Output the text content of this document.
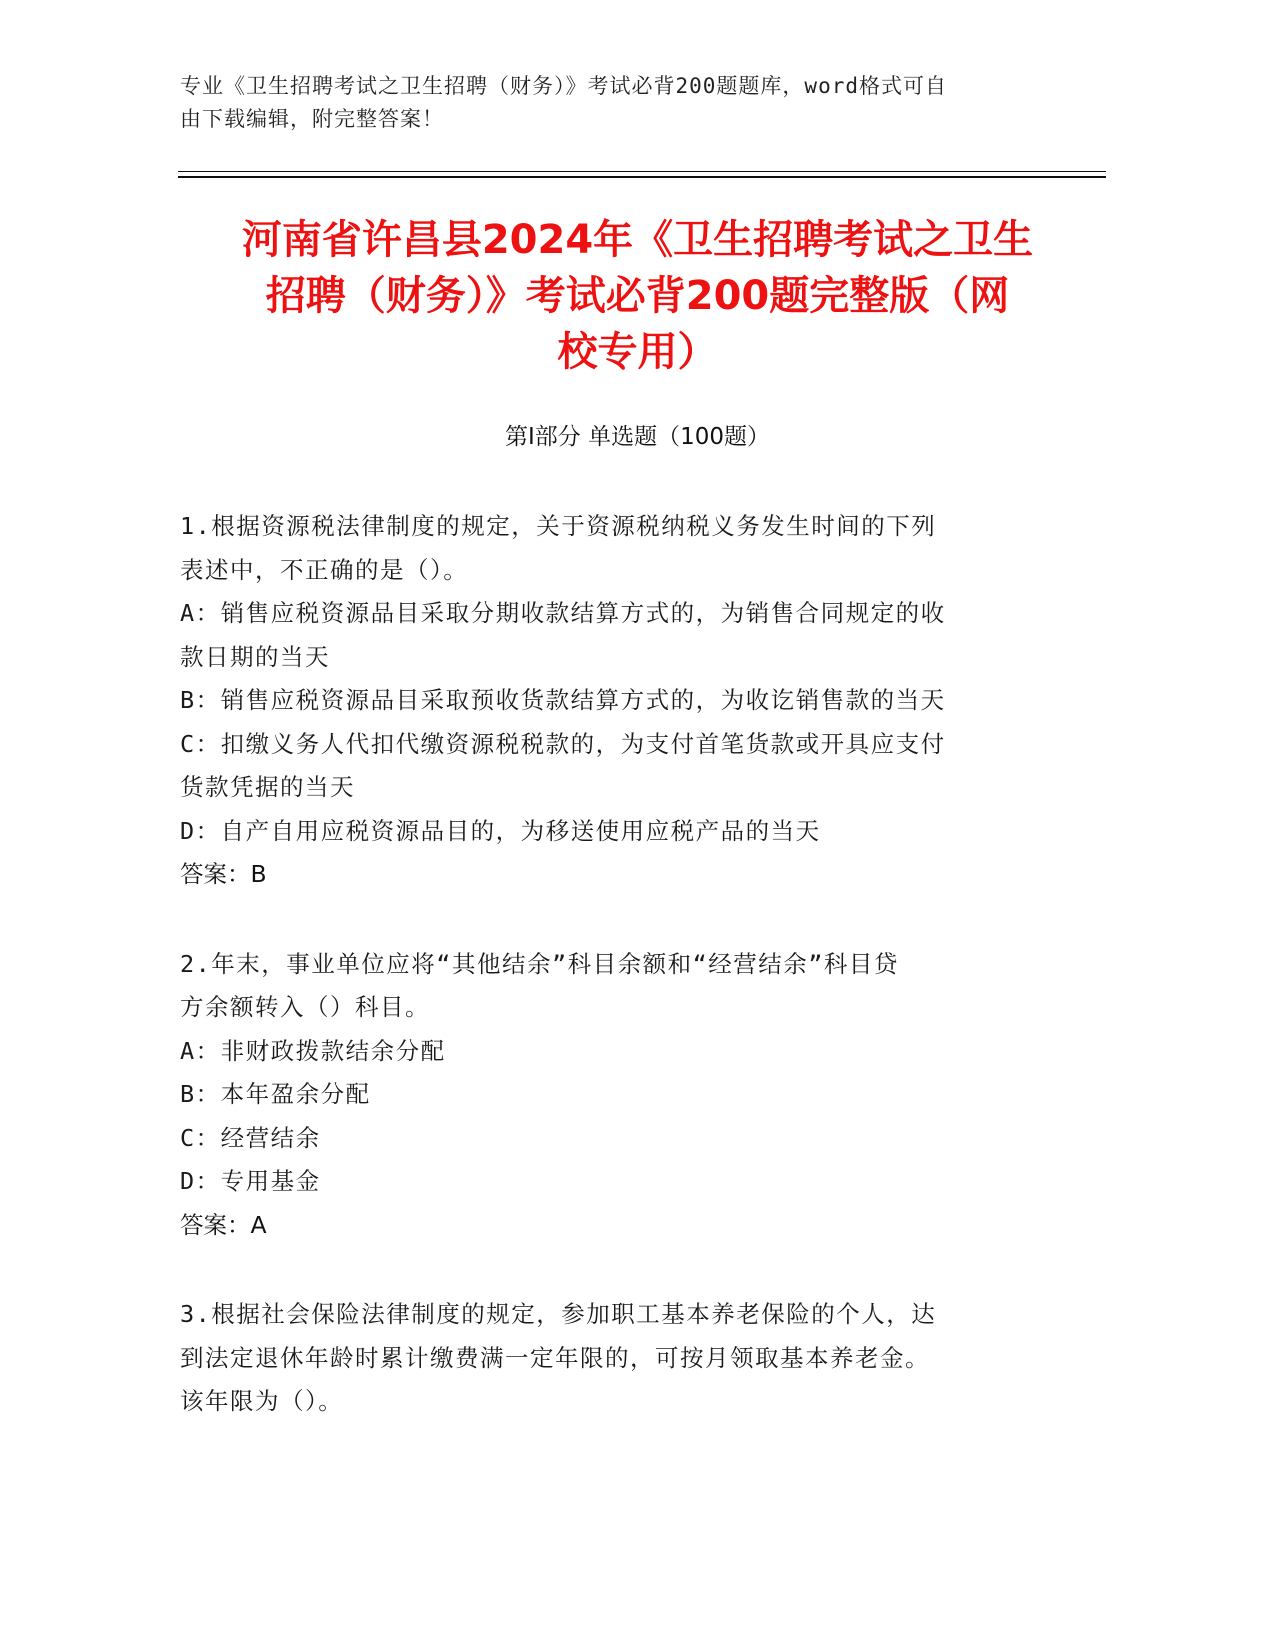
专业《卫生招聘考试之卫生招聘（财务）》考试必背200题题库，word格式可自
由下载编辑，附完整答案！
河南省许昌县2024年《卫生招聘考试之卫生
招聘（财务）》考试必背200题完整版（网
校专用）
第Ⅰ部分 单选题（100题）

1.根据资源税法律制度的规定，关于资源税纳税义务发生时间的下列

表述中，不正确的是（）。

A：销售应税资源品目采取分期收款结算方式的，为销售合同规定的收

款日期的当天

B：销售应税资源品目采取预收货款结算方式的，为收讫销售款的当天

C：扣缴义务人代扣代缴资源税税款的，为支付首笔货款或开具应支付

货款凭据的当天

D：自产自用应税资源品目的，为移送使用应税产品的当天

答案：B

2.年末，事业单位应将“其他结余”科目余额和“经营结余”科目贷

方余额转入（）科目。

A：非财政拨款结余分配

B：本年盈余分配

C：经营结余

D：专用基金

答案：A

3.根据社会保险法律制度的规定，参加职工基本养老保险的个人，达

到法定退休年龄时累计缴费满一定年限的，可按月领取基本养老金。

该年限为（）。
